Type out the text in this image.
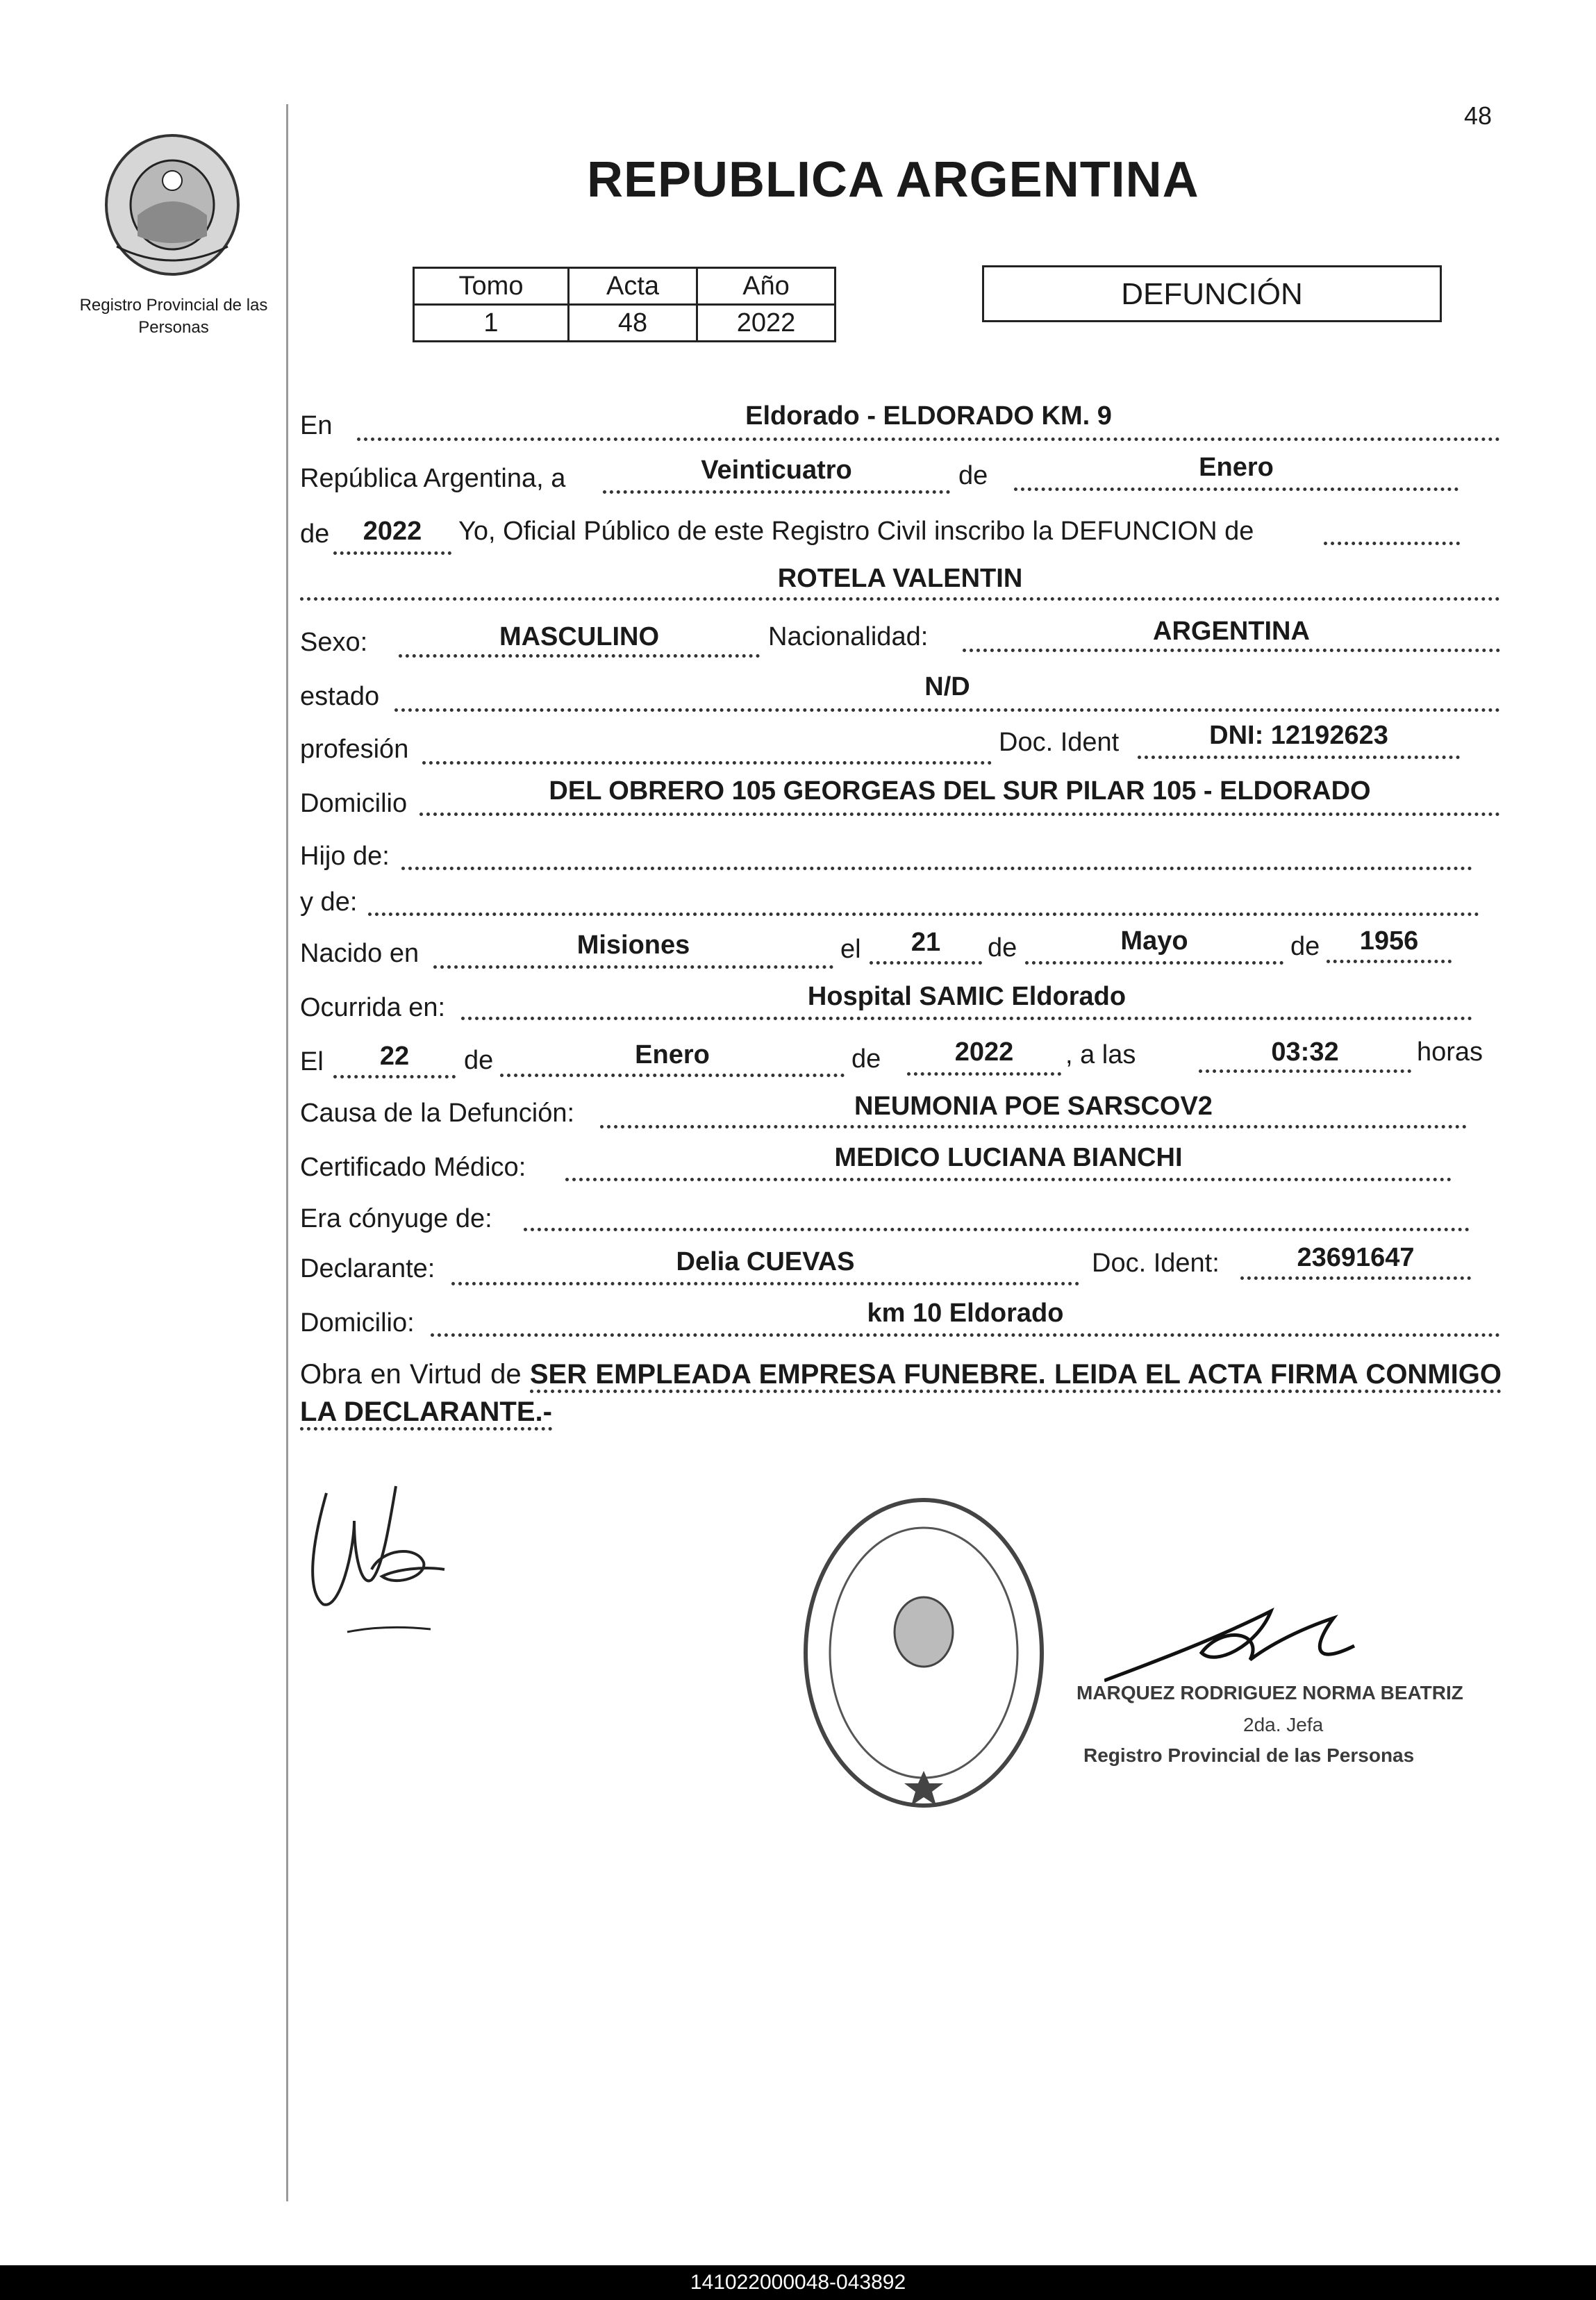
48
Registro Provincial de las Personas
REPUBLICA ARGENTINA
Tomo	Acta	Año
1	48	2022
DEFUNCIÓN
En	Eldorado - ELDORADO KM. 9
República Argentina, a	Veinticuatro	de	Enero
de	2022	Yo, Oficial Público de este Registro Civil inscribo la DEFUNCION de
ROTELA VALENTIN
Sexo:	MASCULINO	Nacionalidad:	ARGENTINA
estado	N/D
profesión	Doc. Ident	DNI: 12192623
Domicilio	DEL OBRERO 105 GEORGEAS DEL SUR PILAR 105 - ELDORADO
Hijo de:
y de:
Nacido en	Misiones	el	21	de	Mayo	de	1956
Ocurrida en:	Hospital SAMIC Eldorado
El	22	de	Enero	de	2022	, a las	03:32	horas
Causa de la Defunción:	NEUMONIA POE SARSCOV2
Certificado Médico:	MEDICO LUCIANA BIANCHI
Era cónyuge de:
Declarante:	Delia CUEVAS	Doc. Ident:	23691647
Domicilio:	km 10 Eldorado
Obra en Virtud de SER EMPLEADA EMPRESA FUNEBRE. LEIDA EL ACTA FIRMA CONMIGO LA DECLARANTE.-
MARQUEZ RODRIGUEZ NORMA BEATRIZ
2da. Jefa
Registro Provincial de las Personas
141022000048-043892
